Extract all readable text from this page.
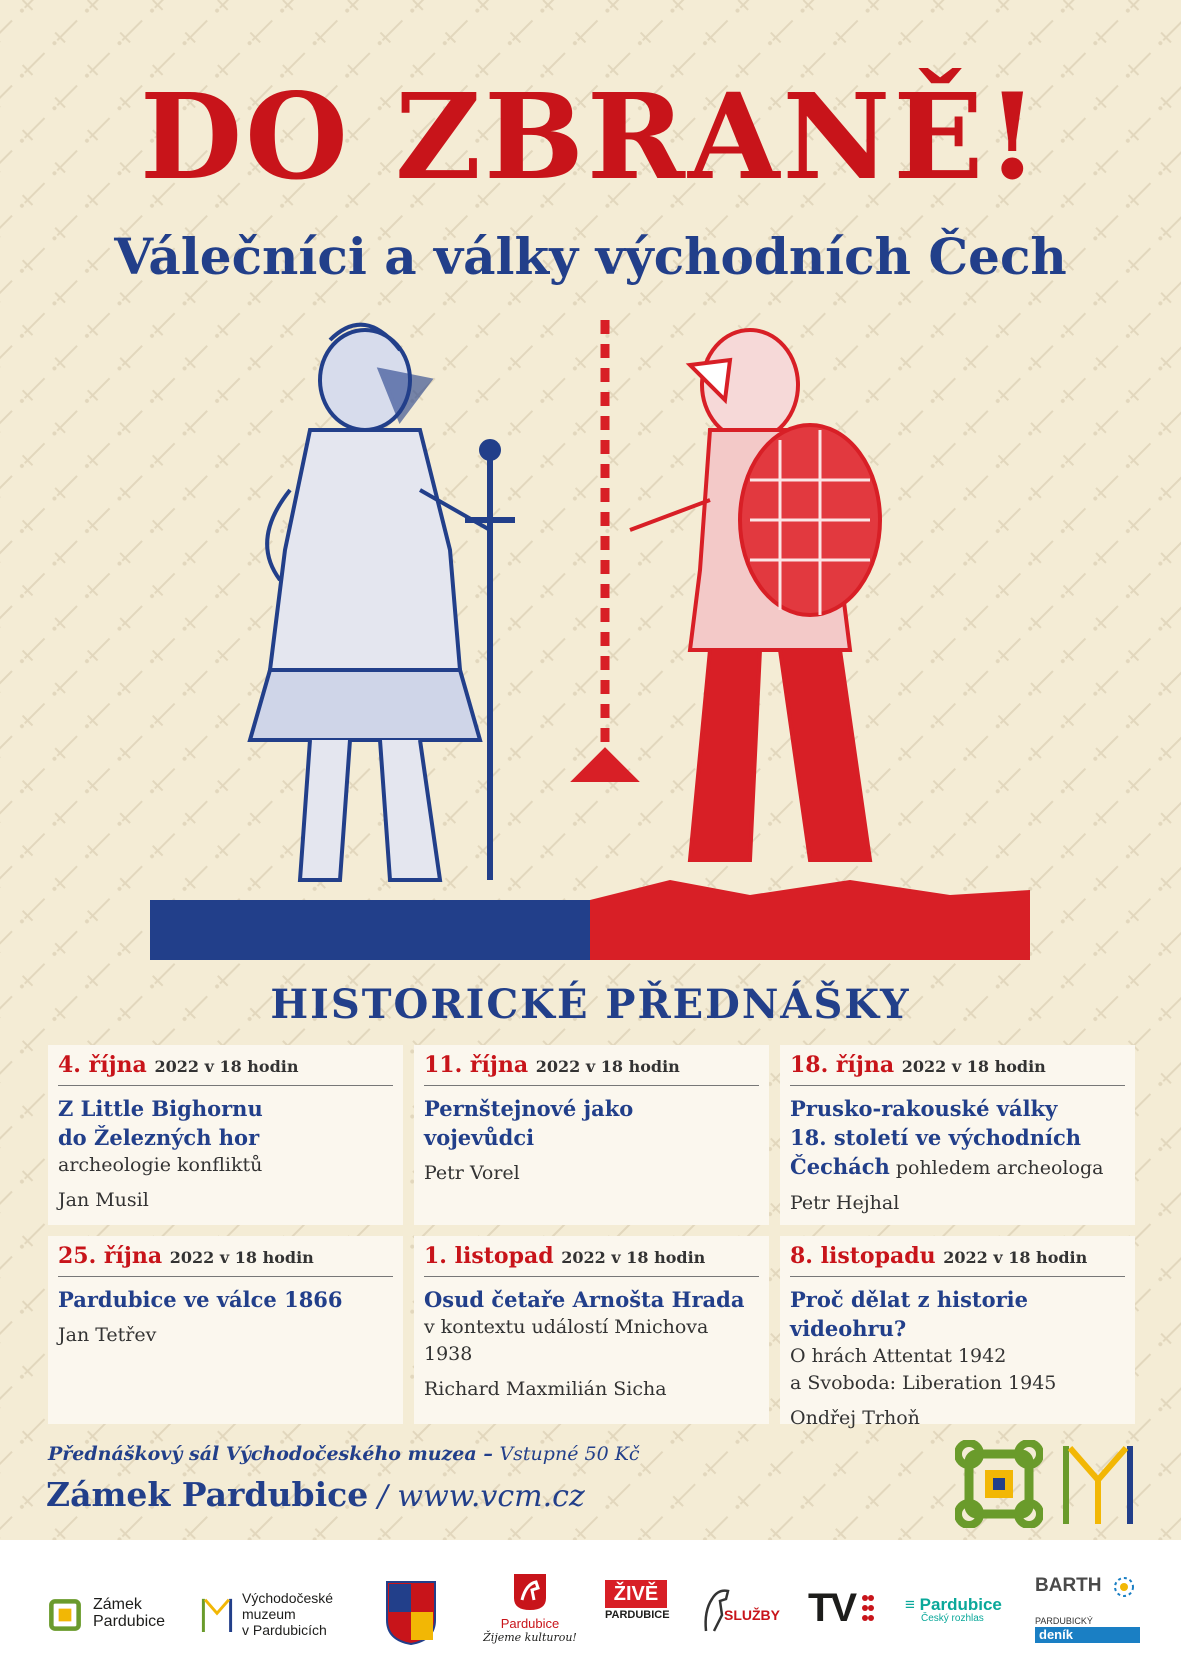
DO ZBRANĚ!
Válečníci a války východních Čech
HISTORICKÉ PŘEDNÁŠKY
4. října 2022 v 18 hodin
Z Little Bighornu
do Železných hor
archeologie konfliktů
Jan Musil
11. října 2022 v 18 hodin
Pernštejnové jako
vojevůdci
Petr Vorel
18. října 2022 v 18 hodin
Prusko-rakouské války
18. století ve východních
Čechách pohledem archeologa
Petr Hejhal
25. října 2022 v 18 hodin
Pardubice ve válce 1866
Jan Tetřev
1. listopad 2022 v 18 hodin
Osud četaře Arnošta Hrada
v kontextu událostí Mnichova
1938
Richard Maxmilián Sicha
8. listopadu 2022 v 18 hodin
Proč dělat z historie videohru?
O hrách Attentat 1942
a Svoboda: Liberation 1945
Ondřej Trhoň
Přednáškový sál Východočeského muzea – Vstupné 50 Kč
Zámek Pardubice / www.vcm.cz
Zámek
Pardubice
Východočeské
muzeum
v Pardubicích	Pardubice
Žijeme kulturou!
ŽIVĚ
PARDUBICE	SLUŽBY TV	≡ Pardubice
Český rozhlas
BARTH
PARDUBICKÝ
deník
